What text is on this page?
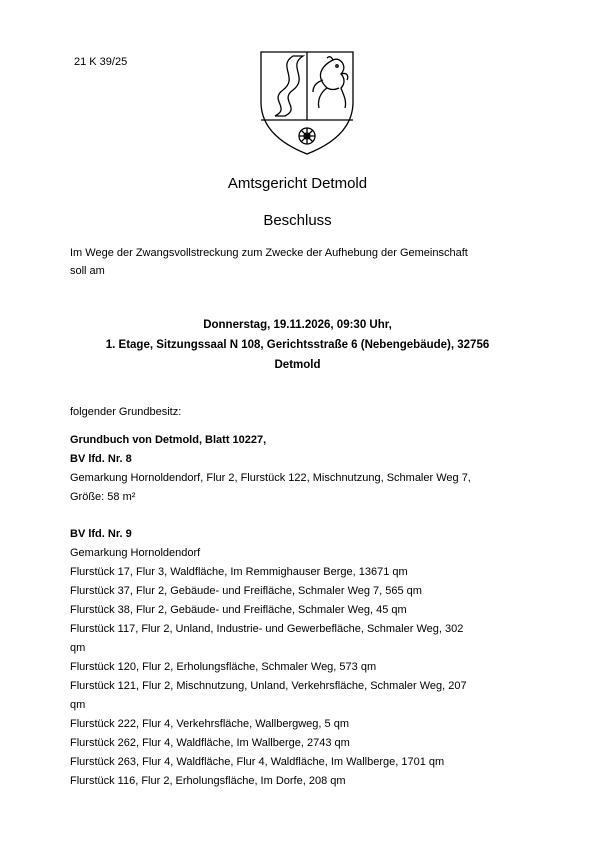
21 K 39/25
Amtsgericht Detmold
Beschluss
Im Wege der Zwangsvollstreckung zum Zwecke der Aufhebung der Gemeinschaft
soll am
Donnerstag, 19.11.2026, 09:30 Uhr,
1. Etage, Sitzungssaal N 108, Gerichtsstraße 6 (Nebengebäude), 32756
Detmold
folgender Grundbesitz:
Grundbuch von Detmold, Blatt 10227,
BV lfd. Nr. 8
Gemarkung Hornoldendorf, Flur 2, Flurstück 122, Mischnutzung, Schmaler Weg 7,
Größe: 58 m²
BV lfd. Nr. 9
Gemarkung Hornoldendorf
Flurstück 17, Flur 3, Waldfläche, Im Remmighauser Berge, 13671 qm
Flurstück 37, Flur 2, Gebäude- und Freifläche, Schmaler Weg 7, 565 qm
Flurstück 38, Flur 2, Gebäude- und Freifläche, Schmaler Weg, 45 qm
Flurstück 117, Flur 2, Unland, Industrie- und Gewerbefläche, Schmaler Weg, 302
qm
Flurstück 120, Flur 2, Erholungsfläche, Schmaler Weg, 573 qm
Flurstück 121, Flur 2, Mischnutzung, Unland, Verkehrsfläche, Schmaler Weg, 207
qm
Flurstück 222, Flur 4, Verkehrsfläche, Wallbergweg, 5 qm
Flurstück 262, Flur 4, Waldfläche, Im Wallberge, 2743 qm
Flurstück 263, Flur 4, Waldfläche, Flur 4, Waldfläche, Im Wallberge, 1701 qm
Flurstück 116, Flur 2, Erholungsfläche, Im Dorfe, 208 qm
